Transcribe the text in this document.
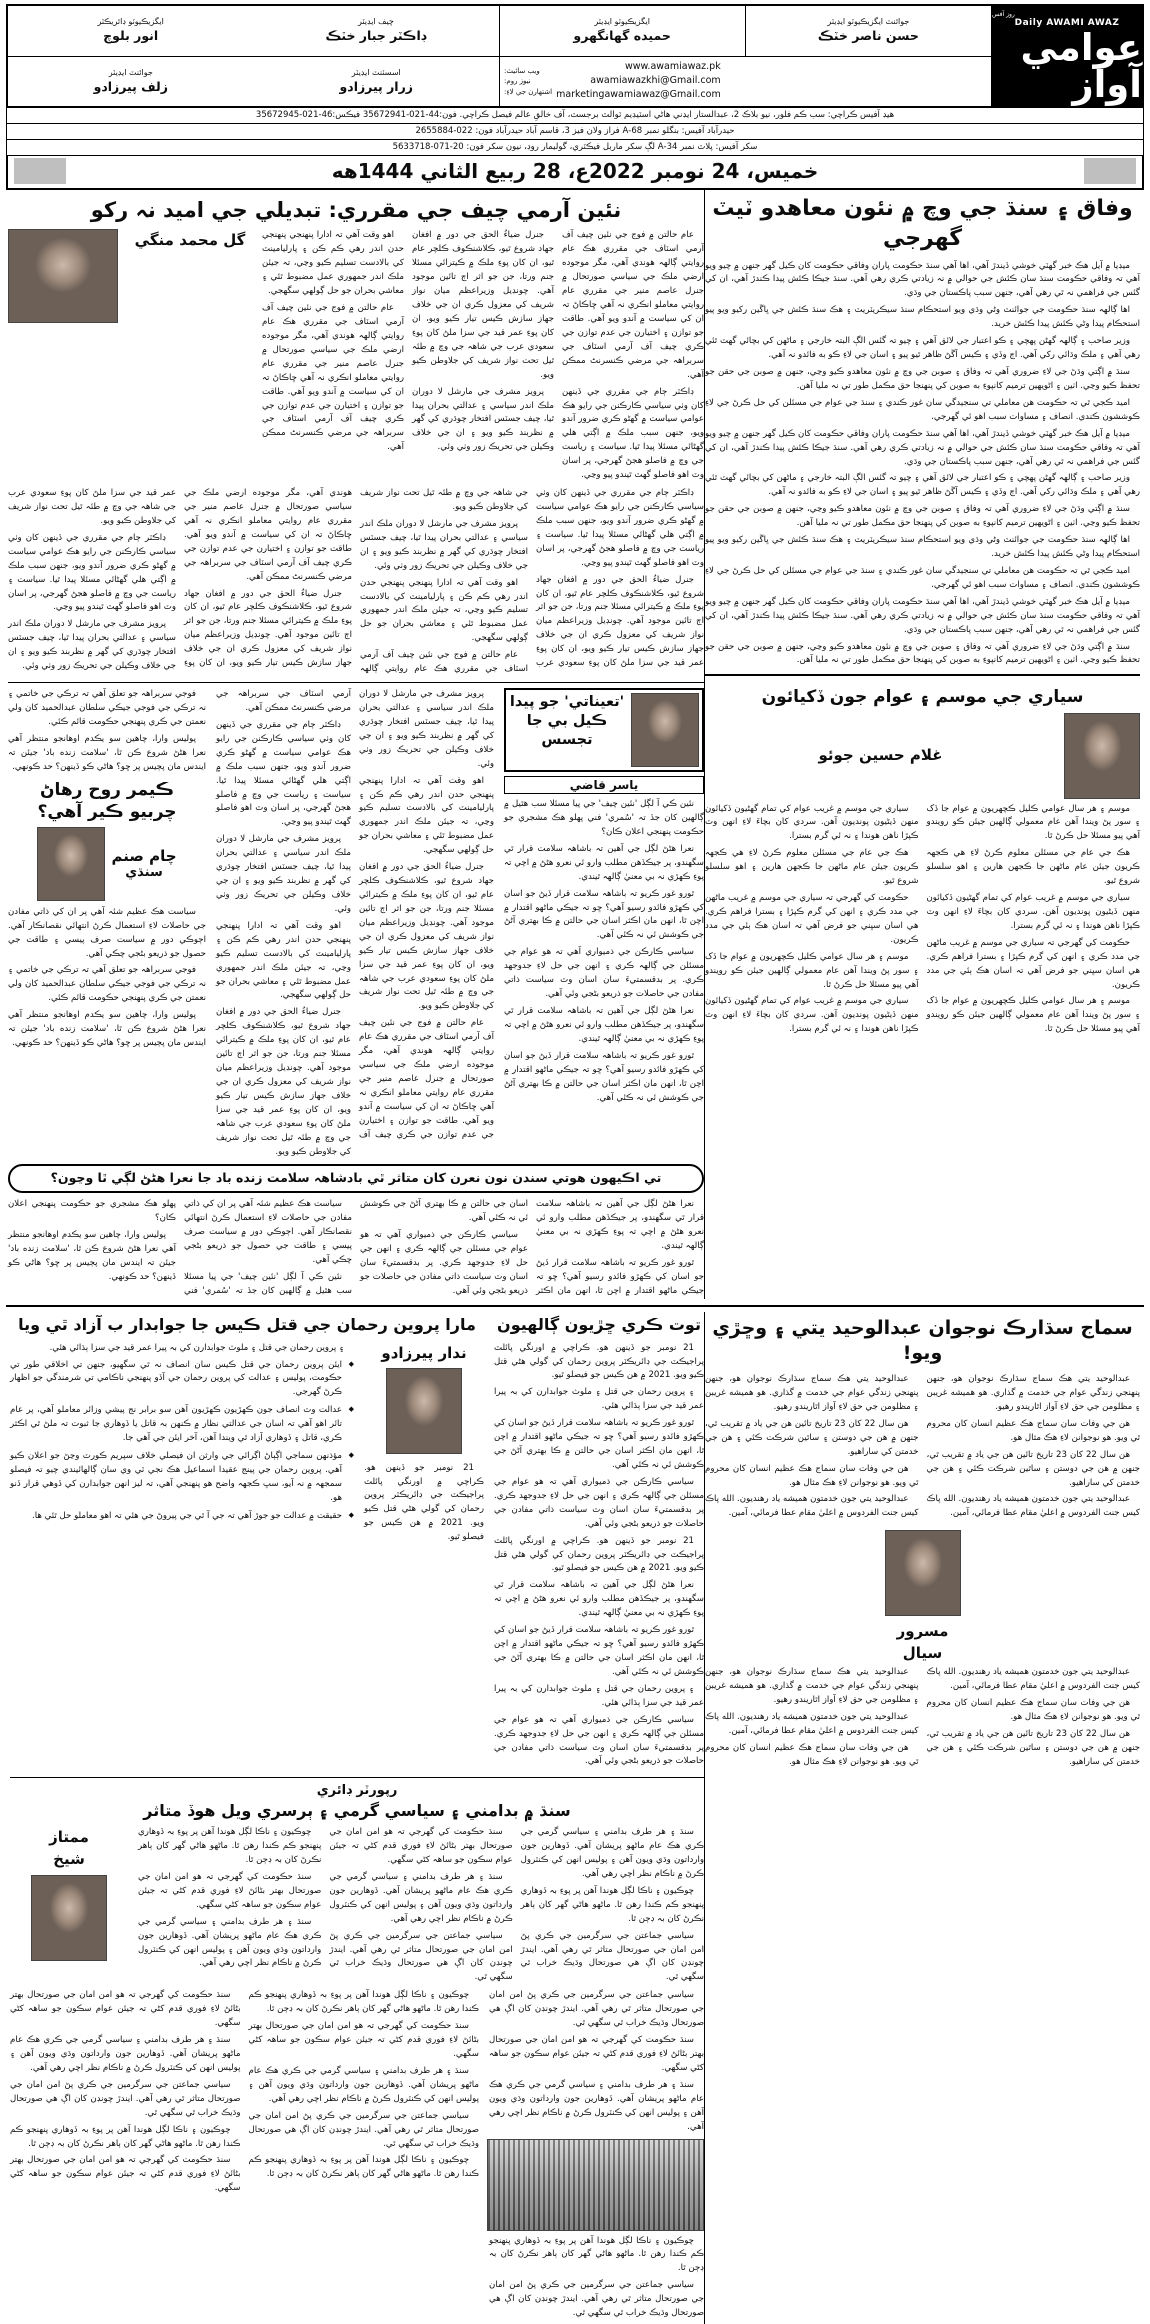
روز آفس
Daily AWAMI AWAZ
عوامي آواز
جوائنٽ ايگزيڪيوٽو ايڊيٽر
حسن ناصر خٽڪ
ايگزيڪيوٽو ايڊيٽر
حميده گهانگهرو
چيف ايڊيٽر
ڊاڪٽر جبار خٽڪ
ايگزيڪيوٽو ڊائريڪٽر
انور بلوچ
www.awamiawaz.pk
awamiawazkhi@Gmail.com
marketingawamiawaz@Gmail.com
ويب سائيٽ:
نيوز روم:
اشتهارن جي لاءِ:
اسسٽنٽ ايڊيٽر
زرار پيرزادو
جوائنٽ ايڊيٽر
زلف پيرزادو
هيڊ آفيس ڪراچي: سب ڪم فلور، نيو بلاڪ 2، عبدالستار ايڊني هاڻي اسٽيڊيم ٽوالٽ برجسٽ، آف خالقِ عالم فيصل ڪراچي. فون:44-021-35672941 فيڪس:46-021-35672945
حيدرآباد آفيس: بنگلو نمبر 68-A فراز ولان فيز 3، قاسم آباد حيدرآباد فون: 022-2655884
سکر آفيس: پلاٽ نمبر 34-A لڳ سکر ماربل فيڪٽري، گوليمار روڊ، نيون سکر فون: 20-071-5633718
خميس، 24 نومبر 2022ع، 28 ربيع الثاني 1444هه
وفاق ۽ سنڌ جي وچ ۾ نئون معاهدو ٽيٽ گهرجي

ميڊيا ۾ آيل هڪ خبر گهٽي خوشي ڏيندڙ آهي، اها آهي سنڌ حڪومت پاران وفاقي حڪومت کان ڪيل گهر جنهن ۾ چيو ويو آهي تہ وفاقي حڪومت سنڌ سان ڪئش جي حوالي ۾ نہ زيادتي ڪري رهي آهي. سنڌ جيڪا ڪئش پيدا ڪندڙ آهي، ان کي گئس جي فراهمي نہ ٿي رهي آهي، جنهن سبب پاڪستان جي وڌي.

اها ڳالھہ سنڌ حڪومت جي جوائنٽ وڻي وڌي ويو استحڪام سنڌ سيڪريٽريٽ ۽ هڪ سنڌ ڪئش جي ڀاڱين رکيو ويو پيو استحڪام پيدا وڻي ڪئش پيدا ڪئش خريد.

وزير صاحب ۽ ڳالھہ گهڻن پهچي ۽ ڪو اعتبار جي لائق آهي ۽ چيو تہ گئس الڳ البتہ خارجي ۽ ماڻهن کي بچائي گهٽ ٿئي رهي آهي ۽ ملڪ وڌائي رکي آهي. اڄ وڏي ۽ ڪيس آڱڻ ظاهر ٿيو پيو ۽ اسان جي لاءِ ڪو به فائدو نہ آهي.

سنڌ ۾ اڳتي وڌڻ جي لاءِ ضروري آهي تہ وفاق ۽ صوبن جي وچ ۾ نئون معاهدو ڪيو وڃي، جنهن ۾ صوبن جي حقن جو تحفظ ڪيو وڃي. اٺين ۽ اڻويهين ترميم کانپوءِ به صوبن کي پنهنجا حق مڪمل طور تي نہ مليا آهن.

اميد ڪجي ٿي تہ حڪومت هن معاملي تي سنجيدگي سان غور ڪندي ۽ سنڌ جي عوام جي مسئلن کي حل ڪرڻ جي لاءِ ڪوششون ڪندي. انصاف ۽ مساوات سبب اهو ئي گهرجي.

ميڊيا ۾ آيل هڪ خبر گهٽي خوشي ڏيندڙ آهي، اها آهي سنڌ حڪومت پاران وفاقي حڪومت کان ڪيل گهر جنهن ۾ چيو ويو آهي تہ وفاقي حڪومت سنڌ سان ڪئش جي حوالي ۾ نہ زيادتي ڪري رهي آهي. سنڌ جيڪا ڪئش پيدا ڪندڙ آهي، ان کي گئس جي فراهمي نہ ٿي رهي آهي، جنهن سبب پاڪستان جي وڌي.

وزير صاحب ۽ ڳالھہ گهڻن پهچي ۽ ڪو اعتبار جي لائق آهي ۽ چيو تہ گئس الڳ البتہ خارجي ۽ ماڻهن کي بچائي گهٽ ٿئي رهي آهي ۽ ملڪ وڌائي رکي آهي. اڄ وڏي ۽ ڪيس آڱڻ ظاهر ٿيو پيو ۽ اسان جي لاءِ ڪو به فائدو نہ آهي.

سنڌ ۾ اڳتي وڌڻ جي لاءِ ضروري آهي تہ وفاق ۽ صوبن جي وچ ۾ نئون معاهدو ڪيو وڃي، جنهن ۾ صوبن جي حقن جو تحفظ ڪيو وڃي. اٺين ۽ اڻويهين ترميم کانپوءِ به صوبن کي پنهنجا حق مڪمل طور تي نہ مليا آهن.

اها ڳالھہ سنڌ حڪومت جي جوائنٽ وڻي وڌي ويو استحڪام سنڌ سيڪريٽريٽ ۽ هڪ سنڌ ڪئش جي ڀاڱين رکيو ويو پيو استحڪام پيدا وڻي ڪئش پيدا ڪئش خريد.

اميد ڪجي ٿي تہ حڪومت هن معاملي تي سنجيدگي سان غور ڪندي ۽ سنڌ جي عوام جي مسئلن کي حل ڪرڻ جي لاءِ ڪوششون ڪندي. انصاف ۽ مساوات سبب اهو ئي گهرجي.

ميڊيا ۾ آيل هڪ خبر گهٽي خوشي ڏيندڙ آهي، اها آهي سنڌ حڪومت پاران وفاقي حڪومت کان ڪيل گهر جنهن ۾ چيو ويو آهي تہ وفاقي حڪومت سنڌ سان ڪئش جي حوالي ۾ نہ زيادتي ڪري رهي آهي. سنڌ جيڪا ڪئش پيدا ڪندڙ آهي، ان کي گئس جي فراهمي نہ ٿي رهي آهي، جنهن سبب پاڪستان جي وڌي.

سنڌ ۾ اڳتي وڌڻ جي لاءِ ضروري آهي تہ وفاق ۽ صوبن جي وچ ۾ نئون معاهدو ڪيو وڃي، جنهن ۾ صوبن جي حقن جو تحفظ ڪيو وڃي. اٺين ۽ اڻويهين ترميم کانپوءِ به صوبن کي پنهنجا حق مڪمل طور تي نہ مليا آهن.

سياري جي موسم ۽ عوام جون ڏکيائون
غلام حسين جوئو

موسم ۽ هر سال عوامي ڪليل ڪچهريون ۾ عوام جا ڏک ۽ سور پڻ ويندا آهن عام معمولي ڳالھين جيئن ڪو رويندو آهي پيو مسئلا حل ڪرڻ ٿا.

هڪ جي عام جي مسئلن معلوم ڪرڻ لاءِ هي ڪجهہ ڪريون جيئن عام ماڻهن جا ڪجهن هارين ۽ اهو سلسلو شروع ٿيو.

سياري جي موسم ۾ غريب عوام کي تمام گهڻيون ڏکيائون منهن ڏيڻيون پونديون آهن. سردي کان بچاءَ لاءِ انهن وٽ ڪپڙا ناهن هوندا ۽ نہ ئي گرم بسترا.

حڪومت کي گهرجي تہ سياري جي موسم ۾ غريب ماڻهن جي مدد ڪري ۽ انهن کي گرم ڪپڙا ۽ بسترا فراهم ڪري. هي اسان سڀني جو فرض آهي تہ اسان هڪ ٻئي جي مدد ڪريون.

موسم ۽ هر سال عوامي ڪليل ڪچهريون ۾ عوام جا ڏک ۽ سور پڻ ويندا آهن عام معمولي ڳالھين جيئن ڪو رويندو آهي پيو مسئلا حل ڪرڻ ٿا.

سياري جي موسم ۾ غريب عوام کي تمام گهڻيون ڏکيائون منهن ڏيڻيون پونديون آهن. سردي کان بچاءَ لاءِ انهن وٽ ڪپڙا ناهن هوندا ۽ نہ ئي گرم بسترا.

هڪ جي عام جي مسئلن معلوم ڪرڻ لاءِ هي ڪجهہ ڪريون جيئن عام ماڻهن جا ڪجهن هارين ۽ اهو سلسلو شروع ٿيو.

حڪومت کي گهرجي تہ سياري جي موسم ۾ غريب ماڻهن جي مدد ڪري ۽ انهن کي گرم ڪپڙا ۽ بسترا فراهم ڪري. هي اسان سڀني جو فرض آهي تہ اسان هڪ ٻئي جي مدد ڪريون.

موسم ۽ هر سال عوامي ڪليل ڪچهريون ۾ عوام جا ڏک ۽ سور پڻ ويندا آهن عام معمولي ڳالھين جيئن ڪو رويندو آهي پيو مسئلا حل ڪرڻ ٿا.

سياري جي موسم ۾ غريب عوام کي تمام گهڻيون ڏکيائون منهن ڏيڻيون پونديون آهن. سردي کان بچاءَ لاءِ انهن وٽ ڪپڙا ناهن هوندا ۽ نہ ئي گرم بسترا.

نئين آرمي چيف جي مقرري: تبديلي جي اميد نہ رکو

عام حالتن ۾ فوج جي نئين چيف آف آرمي اسٽاف جي مقرري هڪ عام روايتي ڳالھہ هوندي آهي، مگر موجوده ارضي ملڪ جي سياسي صورتحال ۾ جنرل عاصم منير جي مقرري عام روايتي معاملو انڪري نہ آهي ڇاڪاڻ تہ ان کي سياست ۾ آندو ويو آهي. طاقت جو توازن ۽ اختيارن جي عدم توازن جي ڪري چيف آف آرمي اسٽاف جي سربراهہ جي مرضي ڪنسرنٹ ممڪن آهي.

ڊاڪٽر ڄام جي مقرري جي ڏينهن کان وٺي سياسي ڪارڪنن جي رايو هڪ عوامي سياست ۾ گهڻو ڪري ضرور آندو ويو، جنهن سبب ملڪ ۾ اڳتي هلي گهڻائي مسئلا پيدا ٿيا. سياست ۽ رياست جي وچ ۾ فاصلو هجڻ گهرجي، پر اسان وٽ اهو فاصلو گهٽ ٿيندو پيو وڃي.

جنرل ضياءُ الحق جي دور ۾ افغان جهاد شروع ٿيو، ڪلاشنڪوف ڪلچر عام ٿيو، ان کان پوءِ ملڪ ۾ ڪيترائي مسئلا جنم ورتا، جن جو اثر اڄ تائين موجود آهي. چونڊيل وزيراعظم ميان نواز شريف کي معزول ڪري ان جي خلاف جهاز سازش ڪيس تيار ڪيو ويو، ان کان پوءِ عمر قيد جي سزا ملڻ کان پوءِ سعودي عرب جي شاھہ جي وچ ۾ طئہ ٿيل تحت نواز شريف کي جلاوطن ڪيو ويو.

پرويز مشرف جي مارشل لا دوران ملڪ اندر سياسي ۽ عدالتي بحران پيدا ٿيا، چيف جسٽس افتخار چوڌري کي گهر ۾ نظربند ڪيو ويو ۽ ان جي خلاف وڪيلن جي تحريڪ زور وٺي وئي.

اهو وقت آهي تہ ادارا پنهنجي پنهنجي حدن اندر رهي ڪم ڪن ۽ پارليامينٽ کي بالادست تسليم ڪيو وڃي، تہ جيئن ملڪ اندر جمهوري عمل مضبوط ٿئي ۽ معاشي بحران جو حل ڳولهي سگهجي.

عام حالتن ۾ فوج جي نئين چيف آف آرمي اسٽاف جي مقرري هڪ عام روايتي ڳالھہ هوندي آهي، مگر موجوده ارضي ملڪ جي سياسي صورتحال ۾ جنرل عاصم منير جي مقرري عام روايتي معاملو انڪري نہ آهي ڇاڪاڻ تہ ان کي سياست ۾ آندو ويو آهي. طاقت جو توازن ۽ اختيارن جي عدم توازن جي ڪري چيف آف آرمي اسٽاف جي سربراهہ جي مرضي ڪنسرنٹ ممڪن آهي.

گل محمد منگي

ڊاڪٽر ڄام جي مقرري جي ڏينهن کان وٺي سياسي ڪارڪنن جي رايو هڪ عوامي سياست ۾ گهڻو ڪري ضرور آندو ويو، جنهن سبب ملڪ ۾ اڳتي هلي گهڻائي مسئلا پيدا ٿيا. سياست ۽ رياست جي وچ ۾ فاصلو هجڻ گهرجي، پر اسان وٽ اهو فاصلو گهٽ ٿيندو پيو وڃي.

جنرل ضياءُ الحق جي دور ۾ افغان جهاد شروع ٿيو، ڪلاشنڪوف ڪلچر عام ٿيو، ان کان پوءِ ملڪ ۾ ڪيترائي مسئلا جنم ورتا، جن جو اثر اڄ تائين موجود آهي. چونڊيل وزيراعظم ميان نواز شريف کي معزول ڪري ان جي خلاف جهاز سازش ڪيس تيار ڪيو ويو، ان کان پوءِ عمر قيد جي سزا ملڻ کان پوءِ سعودي عرب جي شاھہ جي وچ ۾ طئہ ٿيل تحت نواز شريف کي جلاوطن ڪيو ويو.

پرويز مشرف جي مارشل لا دوران ملڪ اندر سياسي ۽ عدالتي بحران پيدا ٿيا، چيف جسٽس افتخار چوڌري کي گهر ۾ نظربند ڪيو ويو ۽ ان جي خلاف وڪيلن جي تحريڪ زور وٺي وئي.

اهو وقت آهي تہ ادارا پنهنجي پنهنجي حدن اندر رهي ڪم ڪن ۽ پارليامينٽ کي بالادست تسليم ڪيو وڃي، تہ جيئن ملڪ اندر جمهوري عمل مضبوط ٿئي ۽ معاشي بحران جو حل ڳولهي سگهجي.

عام حالتن ۾ فوج جي نئين چيف آف آرمي اسٽاف جي مقرري هڪ عام روايتي ڳالھہ هوندي آهي، مگر موجوده ارضي ملڪ جي سياسي صورتحال ۾ جنرل عاصم منير جي مقرري عام روايتي معاملو انڪري نہ آهي ڇاڪاڻ تہ ان کي سياست ۾ آندو ويو آهي. طاقت جو توازن ۽ اختيارن جي عدم توازن جي ڪري چيف آف آرمي اسٽاف جي سربراهہ جي مرضي ڪنسرنٹ ممڪن آهي.

جنرل ضياءُ الحق جي دور ۾ افغان جهاد شروع ٿيو، ڪلاشنڪوف ڪلچر عام ٿيو، ان کان پوءِ ملڪ ۾ ڪيترائي مسئلا جنم ورتا، جن جو اثر اڄ تائين موجود آهي. چونڊيل وزيراعظم ميان نواز شريف کي معزول ڪري ان جي خلاف جهاز سازش ڪيس تيار ڪيو ويو، ان کان پوءِ عمر قيد جي سزا ملڻ کان پوءِ سعودي عرب جي شاھہ جي وچ ۾ طئہ ٿيل تحت نواز شريف کي جلاوطن ڪيو ويو.

ڊاڪٽر ڄام جي مقرري جي ڏينهن کان وٺي سياسي ڪارڪنن جي رايو هڪ عوامي سياست ۾ گهڻو ڪري ضرور آندو ويو، جنهن سبب ملڪ ۾ اڳتي هلي گهڻائي مسئلا پيدا ٿيا. سياست ۽ رياست جي وچ ۾ فاصلو هجڻ گهرجي، پر اسان وٽ اهو فاصلو گهٽ ٿيندو پيو وڃي.

پرويز مشرف جي مارشل لا دوران ملڪ اندر سياسي ۽ عدالتي بحران پيدا ٿيا، چيف جسٽس افتخار چوڌري کي گهر ۾ نظربند ڪيو ويو ۽ ان جي خلاف وڪيلن جي تحريڪ زور وٺي وئي.

'تعيناتي' جو پيدا ڪيل بي جا تجسس
ياسر قاضي

نئين ڪي آ لڳل 'نئين چيف' جي پيا مسئلا سب هٿيل ۾ ڳالھين کان جڏ تہ 'سُمري' فني پهلو هڪ مشجري جو حڪومت پنهنجي اعلان ڪان؟

نعرا هڻڻ لڳل جي آهين تہ باشاھہ سلامت قرار ٿي سگهندو، پر جيڪڏهن مطلب وارو ئي نعرو هڻڻ ۾ اچي تہ پوءِ ڪهڙي نہ بي معنيٰ ڳالھہ ٿيندي.

ٿورو غور ڪريو تہ باشاھہ سلامت قرار ڏيڻ جو اسان کي ڪهڙو فائدو رسيو آهي؟ ڇو تہ جيڪي ماڻهو اقتدار ۾ اچن ٿا، انهن مان اڪثر اسان جي حالتن ۾ ڪا بهتري آڻڻ جي ڪوشش ئي نہ ڪئي آهي.

سياسي ڪارڪن جي ذميواري آهي تہ هو عوام جي مسئلن جي ڳالھہ ڪري ۽ انهن جي حل لاءِ جدوجهد ڪري. پر بدقسمتيءَ سان اسان وٽ سياست ذاتي مفادن جي حاصلات جو ذريعو بڻجي وئي آهي.

نعرا هڻڻ لڳل جي آهين تہ باشاھہ سلامت قرار ٿي سگهندو، پر جيڪڏهن مطلب وارو ئي نعرو هڻڻ ۾ اچي تہ پوءِ ڪهڙي نہ بي معنيٰ ڳالھہ ٿيندي.

ٿورو غور ڪريو تہ باشاھہ سلامت قرار ڏيڻ جو اسان کي ڪهڙو فائدو رسيو آهي؟ ڇو تہ جيڪي ماڻهو اقتدار ۾ اچن ٿا، انهن مان اڪثر اسان جي حالتن ۾ ڪا بهتري آڻڻ جي ڪوشش ئي نہ ڪئي آهي.

پرويز مشرف جي مارشل لا دوران ملڪ اندر سياسي ۽ عدالتي بحران پيدا ٿيا، چيف جسٽس افتخار چوڌري کي گهر ۾ نظربند ڪيو ويو ۽ ان جي خلاف وڪيلن جي تحريڪ زور وٺي وئي.

اهو وقت آهي تہ ادارا پنهنجي پنهنجي حدن اندر رهي ڪم ڪن ۽ پارليامينٽ کي بالادست تسليم ڪيو وڃي، تہ جيئن ملڪ اندر جمهوري عمل مضبوط ٿئي ۽ معاشي بحران جو حل ڳولهي سگهجي.

جنرل ضياءُ الحق جي دور ۾ افغان جهاد شروع ٿيو، ڪلاشنڪوف ڪلچر عام ٿيو، ان کان پوءِ ملڪ ۾ ڪيترائي مسئلا جنم ورتا، جن جو اثر اڄ تائين موجود آهي. چونڊيل وزيراعظم ميان نواز شريف کي معزول ڪري ان جي خلاف جهاز سازش ڪيس تيار ڪيو ويو، ان کان پوءِ عمر قيد جي سزا ملڻ کان پوءِ سعودي عرب جي شاھہ جي وچ ۾ طئہ ٿيل تحت نواز شريف کي جلاوطن ڪيو ويو.

عام حالتن ۾ فوج جي نئين چيف آف آرمي اسٽاف جي مقرري هڪ عام روايتي ڳالھہ هوندي آهي، مگر موجوده ارضي ملڪ جي سياسي صورتحال ۾ جنرل عاصم منير جي مقرري عام روايتي معاملو انڪري نہ آهي ڇاڪاڻ تہ ان کي سياست ۾ آندو ويو آهي. طاقت جو توازن ۽ اختيارن جي عدم توازن جي ڪري چيف آف آرمي اسٽاف جي سربراهہ جي مرضي ڪنسرنٹ ممڪن آهي.

ڊاڪٽر ڄام جي مقرري جي ڏينهن کان وٺي سياسي ڪارڪنن جي رايو هڪ عوامي سياست ۾ گهڻو ڪري ضرور آندو ويو، جنهن سبب ملڪ ۾ اڳتي هلي گهڻائي مسئلا پيدا ٿيا. سياست ۽ رياست جي وچ ۾ فاصلو هجڻ گهرجي، پر اسان وٽ اهو فاصلو گهٽ ٿيندو پيو وڃي.

پرويز مشرف جي مارشل لا دوران ملڪ اندر سياسي ۽ عدالتي بحران پيدا ٿيا، چيف جسٽس افتخار چوڌري کي گهر ۾ نظربند ڪيو ويو ۽ ان جي خلاف وڪيلن جي تحريڪ زور وٺي وئي.

اهو وقت آهي تہ ادارا پنهنجي پنهنجي حدن اندر رهي ڪم ڪن ۽ پارليامينٽ کي بالادست تسليم ڪيو وڃي، تہ جيئن ملڪ اندر جمهوري عمل مضبوط ٿئي ۽ معاشي بحران جو حل ڳولهي سگهجي.

جنرل ضياءُ الحق جي دور ۾ افغان جهاد شروع ٿيو، ڪلاشنڪوف ڪلچر عام ٿيو، ان کان پوءِ ملڪ ۾ ڪيترائي مسئلا جنم ورتا، جن جو اثر اڄ تائين موجود آهي. چونڊيل وزيراعظم ميان نواز شريف کي معزول ڪري ان جي خلاف جهاز سازش ڪيس تيار ڪيو ويو، ان کان پوءِ عمر قيد جي سزا ملڻ کان پوءِ سعودي عرب جي شاھہ جي وچ ۾ طئہ ٿيل تحت نواز شريف کي جلاوطن ڪيو ويو.

فوجي سربراھہ جو تعلق آهي تہ ترڪي جي خاتمي ۽ نہ ترڪي جي فوجي جيڪي سلطان عبدالحميد کان ولي نعمتن جي ڪري پنهنجي حڪومت قائم ڪئي.

پوليس وارا، چاهين سو يڪدم اوهانجو منتظر آهي نعرا هڻڻ شروع ڪن ٿا، 'سلامت زنده باد' جيئن تہ ايندس مان پڄيس پر ڇو؟ هاڻي ڪو ڏينهن؟ حد ڪونهي.

ڪيمر روح رهاڻ
چربيو ڪير آهي؟
چام صنم
سنڌي

سياست هڪ عظيم شئہ آهي پر ان کي ذاتي مفادن جي حاصلات لاءِ استعمال ڪرڻ انتهائي نقصانڪار آهي. اڄوڪي دور ۾ سياست صرف پيسي ۽ طاقت جي حصول جو ذريعو بڻجي چڪي آهي.

فوجي سربراھہ جو تعلق آهي تہ ترڪي جي خاتمي ۽ نہ ترڪي جي فوجي جيڪي سلطان عبدالحميد کان ولي نعمتن جي ڪري پنهنجي حڪومت قائم ڪئي.

پوليس وارا، چاهين سو يڪدم اوهانجو منتظر آهي نعرا هڻڻ شروع ڪن ٿا، 'سلامت زنده باد' جيئن تہ ايندس مان پڄيس پر ڇو؟ هاڻي ڪو ڏينهن؟ حد ڪونهي.

تي اڪيهون هوتي سندن نون نعرن کان متاثر ٿي بادشاھہ سلامت زنده باد جا نعرا هڻڻ لڳي ٿا وڃون؟

نعرا هڻڻ لڳل جي آهين تہ باشاھہ سلامت قرار ٿي سگهندو، پر جيڪڏهن مطلب وارو ئي نعرو هڻڻ ۾ اچي تہ پوءِ ڪهڙي نہ بي معنيٰ ڳالھہ ٿيندي.

ٿورو غور ڪريو تہ باشاھہ سلامت قرار ڏيڻ جو اسان کي ڪهڙو فائدو رسيو آهي؟ ڇو تہ جيڪي ماڻهو اقتدار ۾ اچن ٿا، انهن مان اڪثر اسان جي حالتن ۾ ڪا بهتري آڻڻ جي ڪوشش ئي نہ ڪئي آهي.

سياسي ڪارڪن جي ذميواري آهي تہ هو عوام جي مسئلن جي ڳالھہ ڪري ۽ انهن جي حل لاءِ جدوجهد ڪري. پر بدقسمتيءَ سان اسان وٽ سياست ذاتي مفادن جي حاصلات جو ذريعو بڻجي وئي آهي.

سياست هڪ عظيم شئہ آهي پر ان کي ذاتي مفادن جي حاصلات لاءِ استعمال ڪرڻ انتهائي نقصانڪار آهي. اڄوڪي دور ۾ سياست صرف پيسي ۽ طاقت جي حصول جو ذريعو بڻجي چڪي آهي.

نئين ڪي آ لڳل 'نئين چيف' جي پيا مسئلا سب هٿيل ۾ ڳالھين کان جڏ تہ 'سُمري' فني پهلو هڪ مشجري جو حڪومت پنهنجي اعلان ڪان؟

پوليس وارا، چاهين سو يڪدم اوهانجو منتظر آهي نعرا هڻڻ شروع ڪن ٿا، 'سلامت زنده باد' جيئن تہ ايندس مان پڄيس پر ڇو؟ هاڻي ڪو ڏينهن؟ حد ڪونهي.

سماج سڌارڪ نوجوان عبدالوحيد يتي ۽ وڇڙي ويو!

عبدالوحيد يتي هڪ سماج سڌارڪ نوجوان هو، جنهن پنهنجي زندگي عوام جي خدمت ۾ گذاري. هو هميشه غريبن ۽ مظلومن جي حق لاءِ آواز اٿاريندو رهيو.

هن جي وفات سان سماج هڪ عظيم انسان کان محروم ٿي ويو. هو نوجوانن لاءِ هڪ مثال هو.

هن سال 22 کان 23 تاريخ تائين هن جي ياد ۾ تقريب ٿي، جنهن ۾ هن جي دوستن ۽ ساٿين شرڪت ڪئي ۽ هن جي خدمتن کي ساراهيو.

عبدالوحيد يتي جون خدمتون هميشه ياد رهنديون. الله پاڪ کيس جنت الفردوس ۾ اعليٰ مقام عطا فرمائي، آمين.

عبدالوحيد يتي هڪ سماج سڌارڪ نوجوان هو، جنهن پنهنجي زندگي عوام جي خدمت ۾ گذاري. هو هميشه غريبن ۽ مظلومن جي حق لاءِ آواز اٿاريندو رهيو.

هن سال 22 کان 23 تاريخ تائين هن جي ياد ۾ تقريب ٿي، جنهن ۾ هن جي دوستن ۽ ساٿين شرڪت ڪئي ۽ هن جي خدمتن کي ساراهيو.

هن جي وفات سان سماج هڪ عظيم انسان کان محروم ٿي ويو. هو نوجوانن لاءِ هڪ مثال هو.

عبدالوحيد يتي جون خدمتون هميشه ياد رهنديون. الله پاڪ کيس جنت الفردوس ۾ اعليٰ مقام عطا فرمائي، آمين.

مسرور
سيال

عبدالوحيد يتي جون خدمتون هميشه ياد رهنديون. الله پاڪ کيس جنت الفردوس ۾ اعليٰ مقام عطا فرمائي، آمين.

هن جي وفات سان سماج هڪ عظيم انسان کان محروم ٿي ويو. هو نوجوانن لاءِ هڪ مثال هو.

هن سال 22 کان 23 تاريخ تائين هن جي ياد ۾ تقريب ٿي، جنهن ۾ هن جي دوستن ۽ ساٿين شرڪت ڪئي ۽ هن جي خدمتن کي ساراهيو.

عبدالوحيد يتي هڪ سماج سڌارڪ نوجوان هو، جنهن پنهنجي زندگي عوام جي خدمت ۾ گذاري. هو هميشه غريبن ۽ مظلومن جي حق لاءِ آواز اٿاريندو رهيو.

عبدالوحيد يتي جون خدمتون هميشه ياد رهنديون. الله پاڪ کيس جنت الفردوس ۾ اعليٰ مقام عطا فرمائي، آمين.

هن جي وفات سان سماج هڪ عظيم انسان کان محروم ٿي ويو. هو نوجوانن لاءِ هڪ مثال هو.

توت ڪري ڇڙيون ڳالهيون
مارا پروين رحمان جي قتل ڪيس جا جوابدار ب آزاد ٿي ويا

21 نومبر جو ڏينهن هو. ڪراچي ۾ اورنگي پائلٽ پراجيڪٽ جي ڊائريڪٽر پروين رحمان کي گولي هڻي قتل ڪيو ويو. 2021 ۾ هن ڪيس جو فيصلو ٿيو.

۽ پروين رحمان جي قتل ۽ ملوث جوابدارن کي بہ پيرا عمر قيد جي سزا ٻڌائي هئي.

ٿورو غور ڪريو تہ باشاھہ سلامت قرار ڏيڻ جو اسان کي ڪهڙو فائدو رسيو آهي؟ ڇو تہ جيڪي ماڻهو اقتدار ۾ اچن ٿا، انهن مان اڪثر اسان جي حالتن ۾ ڪا بهتري آڻڻ جي ڪوشش ئي نہ ڪئي آهي.

سياسي ڪارڪن جي ذميواري آهي تہ هو عوام جي مسئلن جي ڳالھہ ڪري ۽ انهن جي حل لاءِ جدوجهد ڪري. پر بدقسمتيءَ سان اسان وٽ سياست ذاتي مفادن جي حاصلات جو ذريعو بڻجي وئي آهي.

21 نومبر جو ڏينهن هو. ڪراچي ۾ اورنگي پائلٽ پراجيڪٽ جي ڊائريڪٽر پروين رحمان کي گولي هڻي قتل ڪيو ويو. 2021 ۾ هن ڪيس جو فيصلو ٿيو.

نعرا هڻڻ لڳل جي آهين تہ باشاھہ سلامت قرار ٿي سگهندو، پر جيڪڏهن مطلب وارو ئي نعرو هڻڻ ۾ اچي تہ پوءِ ڪهڙي نہ بي معنيٰ ڳالھہ ٿيندي.

ٿورو غور ڪريو تہ باشاھہ سلامت قرار ڏيڻ جو اسان کي ڪهڙو فائدو رسيو آهي؟ ڇو تہ جيڪي ماڻهو اقتدار ۾ اچن ٿا، انهن مان اڪثر اسان جي حالتن ۾ ڪا بهتري آڻڻ جي ڪوشش ئي نہ ڪئي آهي.

۽ پروين رحمان جي قتل ۽ ملوث جوابدارن کي بہ پيرا عمر قيد جي سزا ٻڌائي هئي.

سياسي ڪارڪن جي ذميواري آهي تہ هو عوام جي مسئلن جي ڳالھہ ڪري ۽ انهن جي حل لاءِ جدوجهد ڪري. پر بدقسمتيءَ سان اسان وٽ سياست ذاتي مفادن جي حاصلات جو ذريعو بڻجي وئي آهي.

ندار پيرزادو

21 نومبر جو ڏينهن هو. ڪراچي ۾ اورنگي پائلٽ پراجيڪٽ جي ڊائريڪٽر پروين رحمان کي گولي هڻي قتل ڪيو ويو. 2021 ۾ هن ڪيس جو فيصلو ٿيو.

۽ پروين رحمان جي قتل ۽ ملوث جوابدارن کي بہ پيرا عمر قيد جي سزا ٻڌائي هئي.

◆ ايئن پروين رحمان جي قتل ڪيس سان انصاف نہ ٿي سگهيو، جنهن تي اخلاقي طور تي حڪومت، پوليس ۽ عدالت کي پروين رحمان جي آڏو پنهنجي ناڪامي تي شرمندگي جو اظهار ڪرڻ گهرجي.
◆ عدالت وٽ انصاف جون ڪهڙيون ڪهڙيون آهن سو برابر نج پيشي وزائر معاملو آهي، پر عام تائر اهو آهي تہ اسان جي عدالتي نظار ۾ ڪنهن بہ قاتل يا ڏوهاري جا ثبوت تہ ملڻ ٿي اڪثر ڪري، قاتل ۽ ڏوهاري آزاد ٿي ويندا آهن، آخر ايئن جي آهي جا.
◆ مؤذنهن سماجي اڳٻاڻ اڳرائي جي وارثن ان فيصلي خلاف سپريم ڪورٽ وڃڻ جو اعلان ڪيو آهي. پروين رحمان جي پينج عقيدا اسماعيل هڪ نجي ٽي وي سان ڳالهائيندي چيو تہ فيصلو سمجهہ ۾ نہ آيو، سڀ ڪجهہ واضح هو پنهنجي آهي، تہ ليز انهن جوابدارن کي ڏوهي قرار ڏنو هو.
◆ حقيقت ۾ عدالت جو جوڙ آهي تہ جي آ ٿي جي پيروڻ جي هئي تہ اهو معاملو حل ٿئي ها.
رپورٽر ڊائري
سنڌ ۾ بدامني ۽ سياسي گرمي ۽ ٻرسري ويل هوڏ متاثر

سنڌ ۽ هر طرف بدامني ۽ سياسي گرمي جي ڪري هڪ عام ماڻهو پريشان آهي. ڏوهارين جون وارداتون وڌي ويون آهن ۽ پوليس انهن کي ڪنٽرول ڪرڻ ۾ ناڪام نظر اچي رهي آهي.

چوڪيون ۽ ناڪا لڳل هوندا آهن پر پوءِ بہ ڏوهاري پنهنجو ڪم ڪندا رهن ٿا. ماڻهو هاڻي گهر کان ٻاهر نڪرڻ کان بہ ڊڄن ٿا.

سياسي جماعتن جي سرگرمين جي ڪري پڻ امن امان جي صورتحال متاثر ٿي رهي آهي. ايندڙ چونڊن کان اڳ هي صورتحال وڌيڪ خراب ٿي سگهي ٿي.

سنڌ حڪومت کي گهرجي تہ هو امن امان جي صورتحال بهتر بڻائڻ لاءِ فوري قدم کڻي تہ جيئن عوام سڪون جو ساھہ کڻي سگهي.

سنڌ ۽ هر طرف بدامني ۽ سياسي گرمي جي ڪري هڪ عام ماڻهو پريشان آهي. ڏوهارين جون وارداتون وڌي ويون آهن ۽ پوليس انهن کي ڪنٽرول ڪرڻ ۾ ناڪام نظر اچي رهي آهي.

سياسي جماعتن جي سرگرمين جي ڪري پڻ امن امان جي صورتحال متاثر ٿي رهي آهي. ايندڙ چونڊن کان اڳ هي صورتحال وڌيڪ خراب ٿي سگهي ٿي.

چوڪيون ۽ ناڪا لڳل هوندا آهن پر پوءِ بہ ڏوهاري پنهنجو ڪم ڪندا رهن ٿا. ماڻهو هاڻي گهر کان ٻاهر نڪرڻ کان بہ ڊڄن ٿا.

سنڌ حڪومت کي گهرجي تہ هو امن امان جي صورتحال بهتر بڻائڻ لاءِ فوري قدم کڻي تہ جيئن عوام سڪون جو ساھہ کڻي سگهي.

سنڌ ۽ هر طرف بدامني ۽ سياسي گرمي جي ڪري هڪ عام ماڻهو پريشان آهي. ڏوهارين جون وارداتون وڌي ويون آهن ۽ پوليس انهن کي ڪنٽرول ڪرڻ ۾ ناڪام نظر اچي رهي آهي.

ممتاز
شيخ

سياسي جماعتن جي سرگرمين جي ڪري پڻ امن امان جي صورتحال متاثر ٿي رهي آهي. ايندڙ چونڊن کان اڳ هي صورتحال وڌيڪ خراب ٿي سگهي ٿي.

سنڌ حڪومت کي گهرجي تہ هو امن امان جي صورتحال بهتر بڻائڻ لاءِ فوري قدم کڻي تہ جيئن عوام سڪون جو ساھہ کڻي سگهي.

سنڌ ۽ هر طرف بدامني ۽ سياسي گرمي جي ڪري هڪ عام ماڻهو پريشان آهي. ڏوهارين جون وارداتون وڌي ويون آهن ۽ پوليس انهن کي ڪنٽرول ڪرڻ ۾ ناڪام نظر اچي رهي آهي.

چوڪيون ۽ ناڪا لڳل هوندا آهن پر پوءِ بہ ڏوهاري پنهنجو ڪم ڪندا رهن ٿا. ماڻهو هاڻي گهر کان ٻاهر نڪرڻ کان بہ ڊڄن ٿا.

سياسي جماعتن جي سرگرمين جي ڪري پڻ امن امان جي صورتحال متاثر ٿي رهي آهي. ايندڙ چونڊن کان اڳ هي صورتحال وڌيڪ خراب ٿي سگهي ٿي.

چوڪيون ۽ ناڪا لڳل هوندا آهن پر پوءِ بہ ڏوهاري پنهنجو ڪم ڪندا رهن ٿا. ماڻهو هاڻي گهر کان ٻاهر نڪرڻ کان بہ ڊڄن ٿا.

سنڌ حڪومت کي گهرجي تہ هو امن امان جي صورتحال بهتر بڻائڻ لاءِ فوري قدم کڻي تہ جيئن عوام سڪون جو ساھہ کڻي سگهي.

سنڌ ۽ هر طرف بدامني ۽ سياسي گرمي جي ڪري هڪ عام ماڻهو پريشان آهي. ڏوهارين جون وارداتون وڌي ويون آهن ۽ پوليس انهن کي ڪنٽرول ڪرڻ ۾ ناڪام نظر اچي رهي آهي.

سياسي جماعتن جي سرگرمين جي ڪري پڻ امن امان جي صورتحال متاثر ٿي رهي آهي. ايندڙ چونڊن کان اڳ هي صورتحال وڌيڪ خراب ٿي سگهي ٿي.

چوڪيون ۽ ناڪا لڳل هوندا آهن پر پوءِ بہ ڏوهاري پنهنجو ڪم ڪندا رهن ٿا. ماڻهو هاڻي گهر کان ٻاهر نڪرڻ کان بہ ڊڄن ٿا.

سنڌ حڪومت کي گهرجي تہ هو امن امان جي صورتحال بهتر بڻائڻ لاءِ فوري قدم کڻي تہ جيئن عوام سڪون جو ساھہ کڻي سگهي.

سنڌ ۽ هر طرف بدامني ۽ سياسي گرمي جي ڪري هڪ عام ماڻهو پريشان آهي. ڏوهارين جون وارداتون وڌي ويون آهن ۽ پوليس انهن کي ڪنٽرول ڪرڻ ۾ ناڪام نظر اچي رهي آهي.

سياسي جماعتن جي سرگرمين جي ڪري پڻ امن امان جي صورتحال متاثر ٿي رهي آهي. ايندڙ چونڊن کان اڳ هي صورتحال وڌيڪ خراب ٿي سگهي ٿي.

چوڪيون ۽ ناڪا لڳل هوندا آهن پر پوءِ بہ ڏوهاري پنهنجو ڪم ڪندا رهن ٿا. ماڻهو هاڻي گهر کان ٻاهر نڪرڻ کان بہ ڊڄن ٿا.

سنڌ حڪومت کي گهرجي تہ هو امن امان جي صورتحال بهتر بڻائڻ لاءِ فوري قدم کڻي تہ جيئن عوام سڪون جو ساھہ کڻي سگهي.
